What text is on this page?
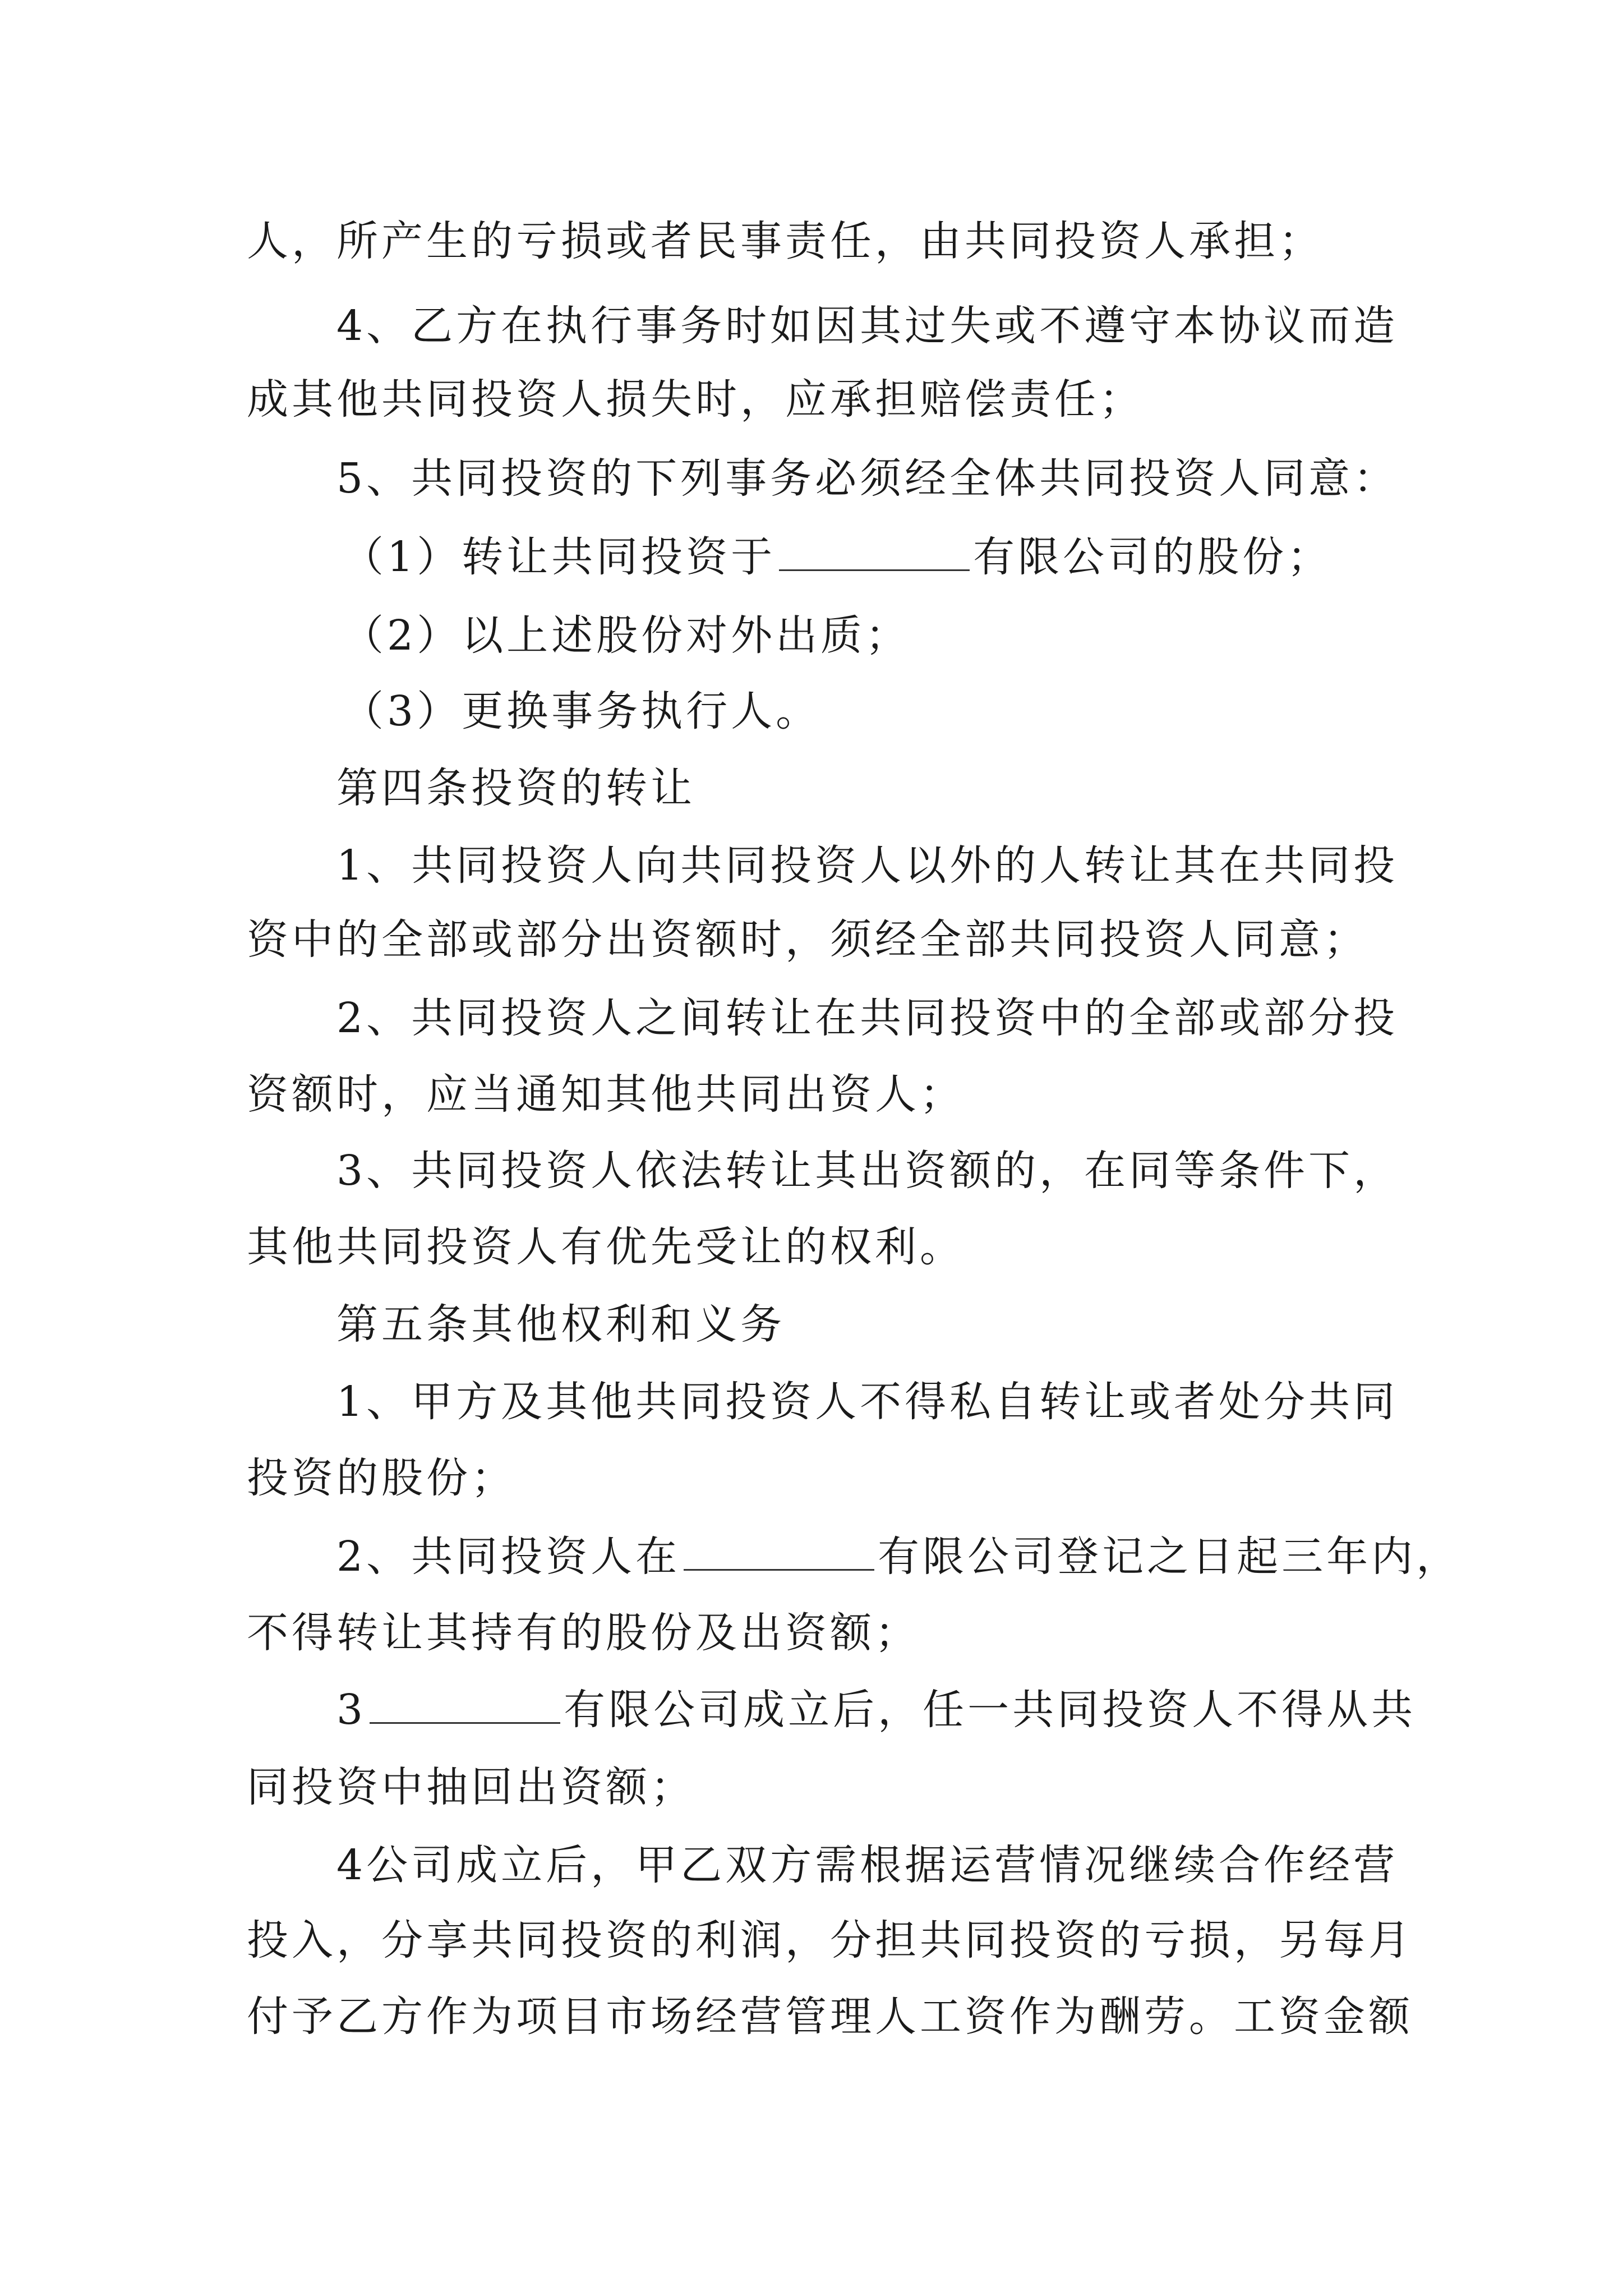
人，所产生的亏损或者民事责任，由共同投资人承担；
4、乙方在执行事务时如因其过失或不遵守本协议而造
成其他共同投资人损失时，应承担赔偿责任；
5、共同投资的下列事务必须经全体共同投资人同意：
（1）转让共同投资于	有限公司的股份；
（2）以上述股份对外出质；
（3）更换事务执行人。
第四条投资的转让
1、共同投资人向共同投资人以外的人转让其在共同投
资中的全部或部分出资额时，须经全部共同投资人同意；
2、共同投资人之间转让在共同投资中的全部或部分投
资额时，应当通知其他共同出资人；
3、共同投资人依法转让其出资额的，在同等条件下，
其他共同投资人有优先受让的权利。
第五条其他权利和义务
1、甲方及其他共同投资人不得私自转让或者处分共同
投资的股份；
2、共同投资人在	有限公司登记之日起三年内，
不得转让其持有的股份及出资额；
3	有限公司成立后，任一共同投资人不得从共
同投资中抽回出资额；
4公司成立后，甲乙双方需根据运营情况继续合作经营
投入，分享共同投资的利润，分担共同投资的亏损，另每月
付予乙方作为项目市场经营管理人工资作为酬劳。工资金额
